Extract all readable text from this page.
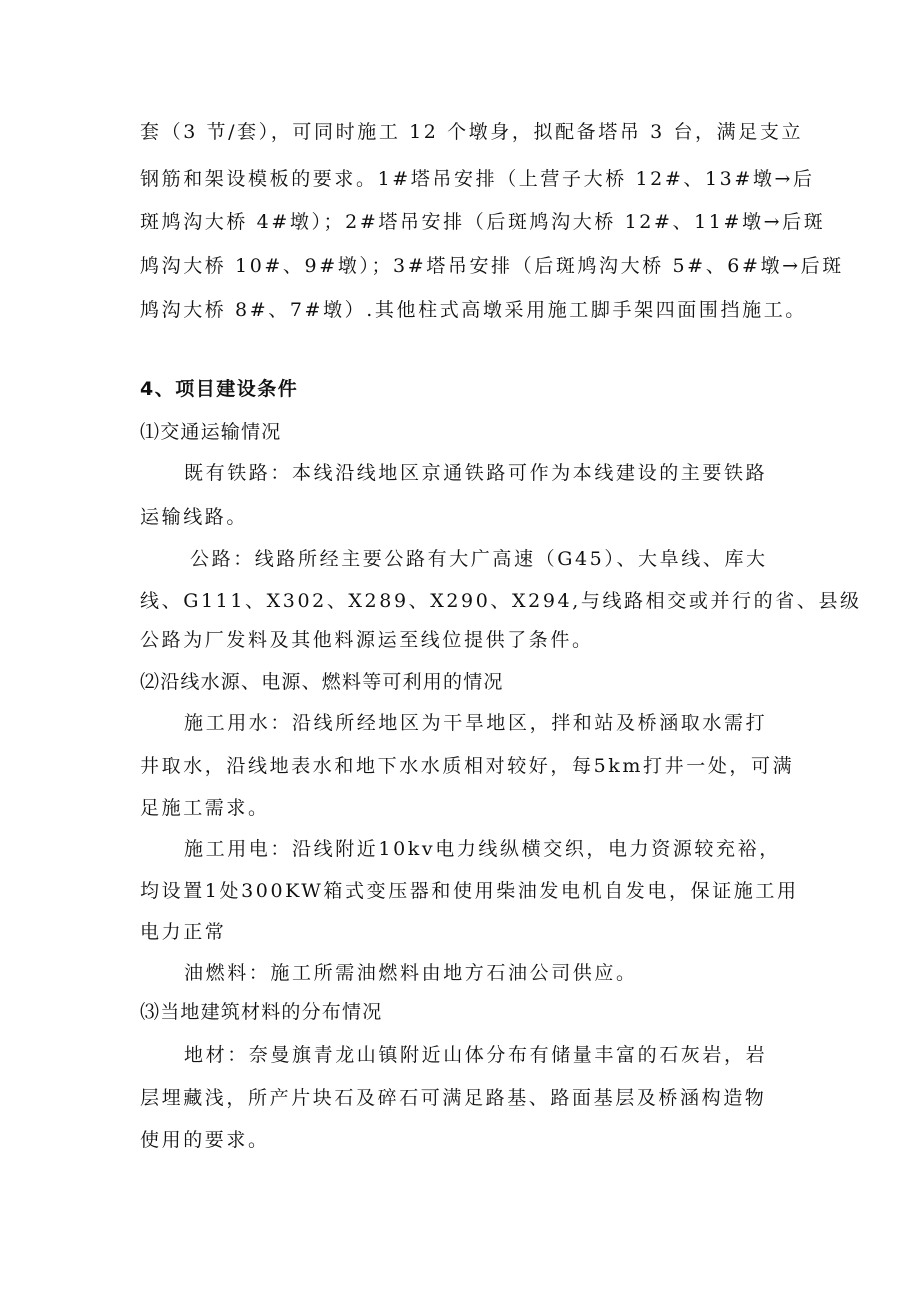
套（3 节/套），可同时施工 12 个墩身，拟配备塔吊 3 台，满足支立
钢筋和架设模板的要求。1#塔吊安排（上营子大桥 12#、13#墩→后
斑鸠沟大桥 4#墩）；2#塔吊安排（后斑鸠沟大桥 12#、11#墩→后斑
鸠沟大桥 10#、9#墩）；3#塔吊安排（后斑鸠沟大桥 5#、6#墩→后斑
鸠沟大桥 8#、7#墩）.其他柱式高墩采用施工脚手架四面围挡施工。
4、项目建设条件
⑴交通运输情况
既有铁路：本线沿线地区京通铁路可作为本线建设的主要铁路
运输线路。
公路：线路所经主要公路有大广高速（G45）、大阜线、库大
线、G111、X302、X289、X290、X294,与线路相交或并行的省、县级
公路为厂发料及其他料源运至线位提供了条件。
⑵沿线水源、电源、燃料等可利用的情况
施工用水：沿线所经地区为干旱地区，拌和站及桥涵取水需打
井取水，沿线地表水和地下水水质相对较好，每5km打井一处，可满
足施工需求。
施工用电：沿线附近10kv电力线纵横交织，电力资源较充裕，
均设置1处300KW箱式变压器和使用柴油发电机自发电，保证施工用
电力正常
油燃料：施工所需油燃料由地方石油公司供应。
⑶当地建筑材料的分布情况
地材：奈曼旗青龙山镇附近山体分布有储量丰富的石灰岩，岩
层埋藏浅，所产片块石及碎石可满足路基、路面基层及桥涵构造物
使用的要求。
